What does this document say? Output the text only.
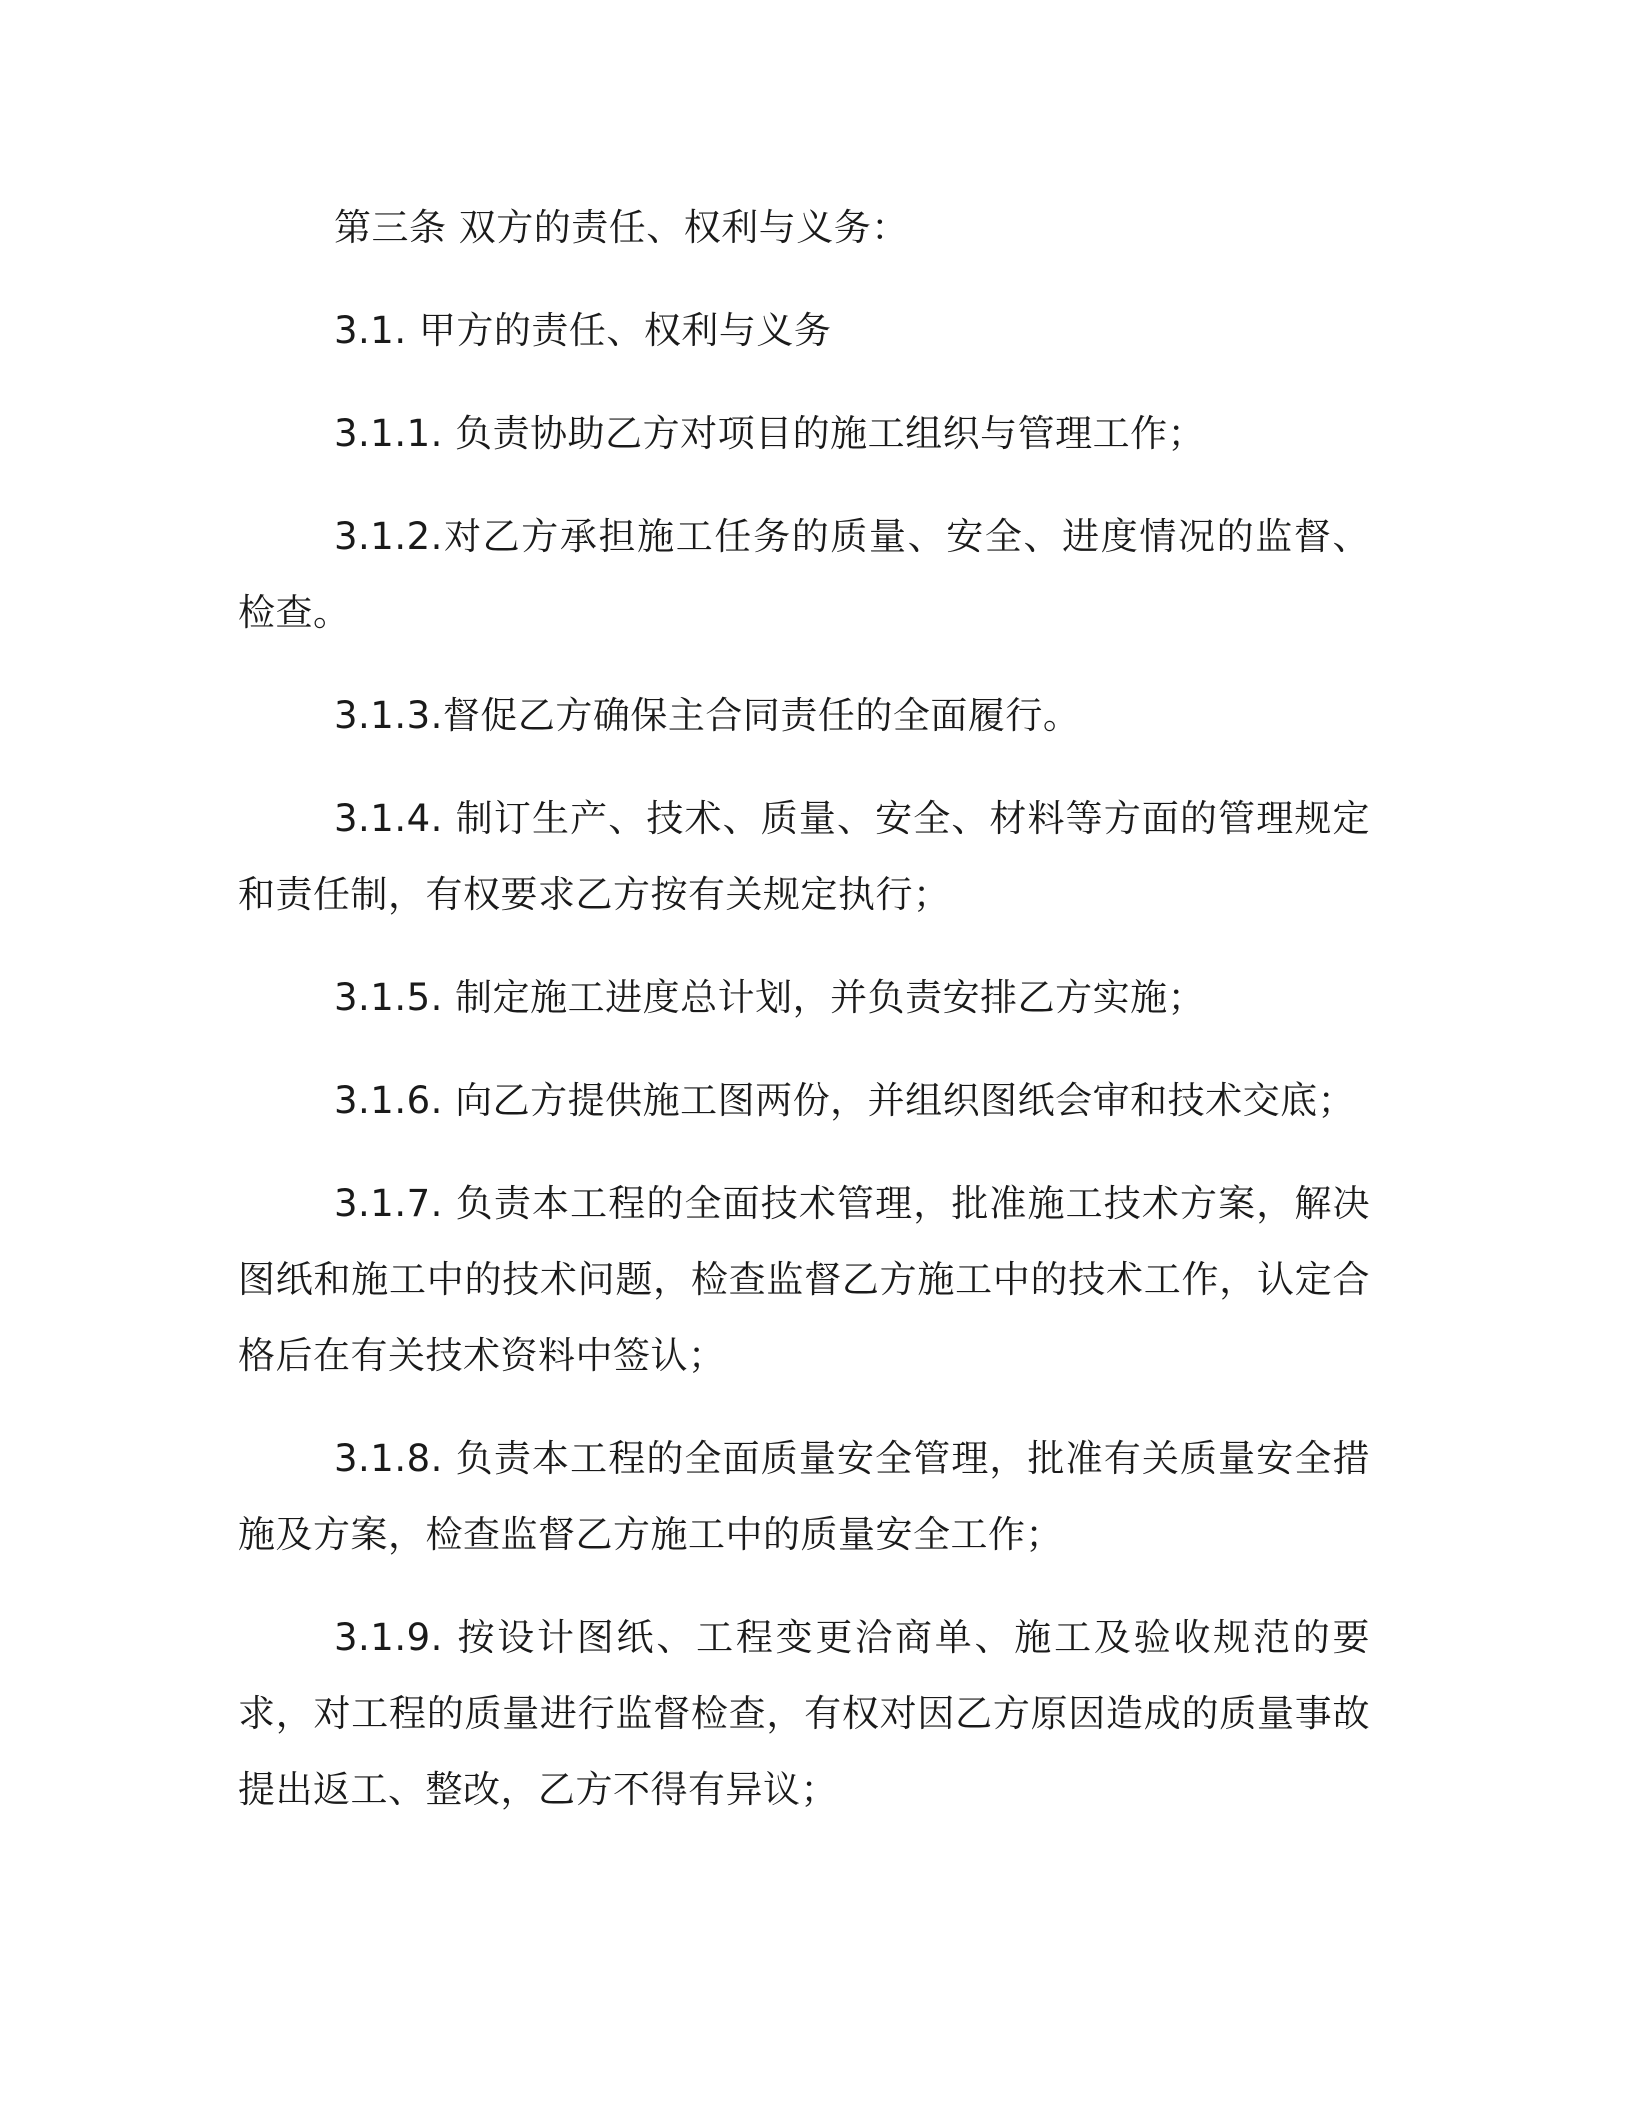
第三条 双方的责任、权利与义务：

3.1. 甲方的责任、权利与义务

3.1.1. 负责协助乙方对项目的施工组织与管理工作；

3.1.2.对乙方承担施工任务的质量、安全、进度情况的监督、检查。

3.1.3.督促乙方确保主合同责任的全面履行。

3.1.4. 制订生产、技术、质量、安全、材料等方面的管理规定和责任制，有权要求乙方按有关规定执行；

3.1.5. 制定施工进度总计划，并负责安排乙方实施；

3.1.6. 向乙方提供施工图两份，并组织图纸会审和技术交底；

3.1.7. 负责本工程的全面技术管理，批准施工技术方案，解决图纸和施工中的技术问题，检查监督乙方施工中的技术工作，认定合格后在有关技术资料中签认；

3.1.8. 负责本工程的全面质量安全管理，批准有关质量安全措施及方案，检查监督乙方施工中的质量安全工作；

3.1.9. 按设计图纸、工程变更洽商单、施工及验收规范的要求，对工程的质量进行监督检查，有权对因乙方原因造成的质量事故提出返工、整改，乙方不得有异议；
